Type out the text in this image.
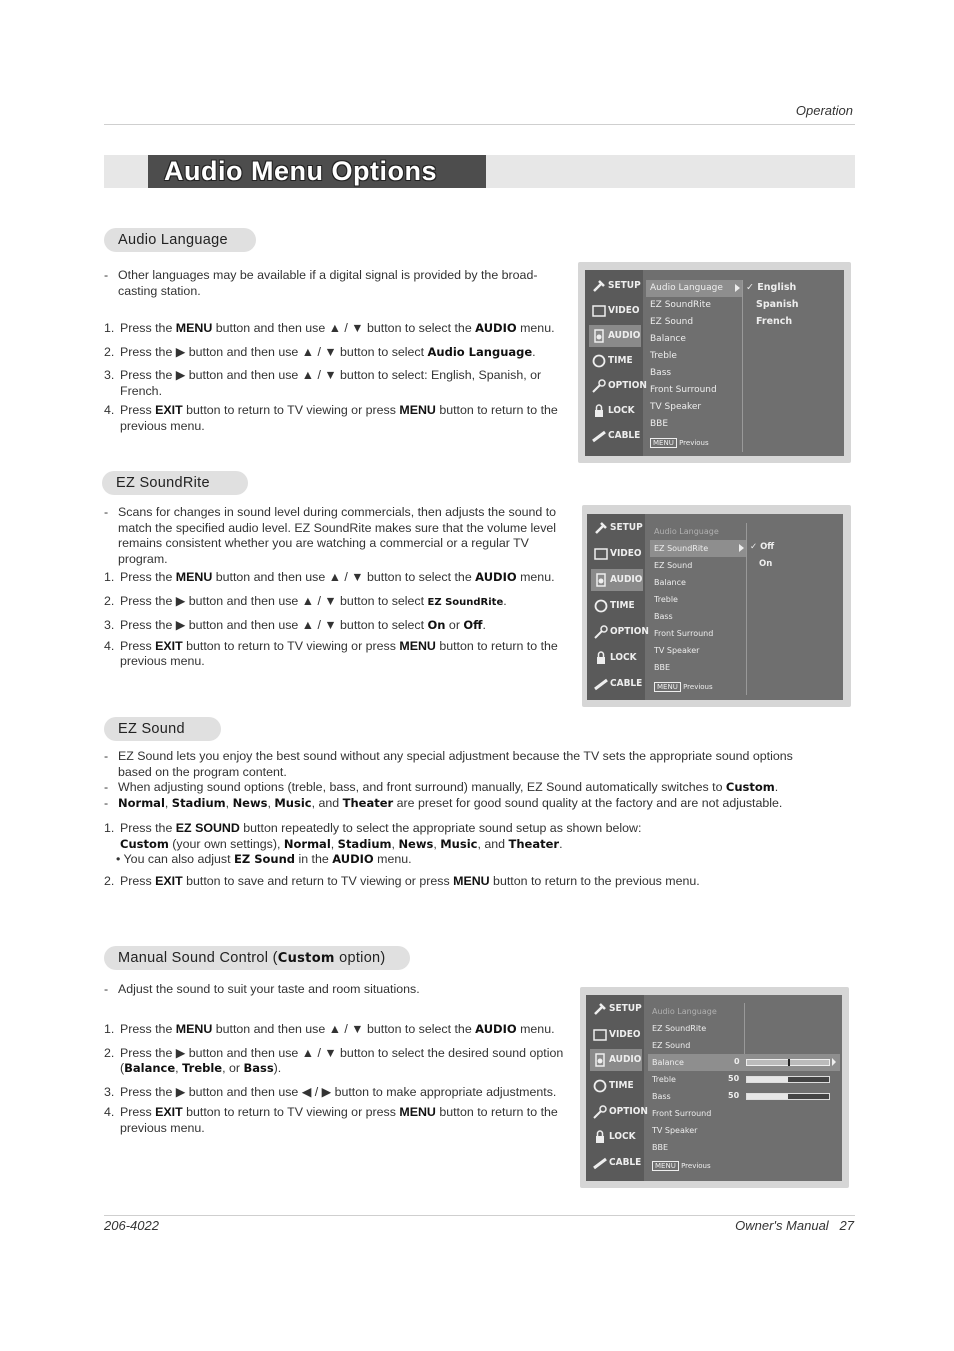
Operation
Audio Menu Options
Audio Language
- Other languages may be available if a digital signal is provided by the broad-casting station.
1. Press the MENU button and then use ▲ / ▼ button to select the AUDIO menu.
2. Press the ▶ button and then use ▲ / ▼ button to select Audio Language.
3. Press the ▶ button and then use ▲ / ▼ button to select: English, Spanish, or French.
4. Press EXIT button to return to TV viewing or press MENU button to return to the previous menu.
SETUP
VIDEO
AUDIO
TIME
OPTION
LOCK
CABLE
Audio Language
EZ SoundRite
EZ Sound
Balance
Treble
Bass
Front Surround
TV Speaker
BBE
MENU Previous
✓ English
Spanish
French
EZ SoundRite
- Scans for changes in sound level during commercials, then adjusts the sound to match the specified audio level. EZ SoundRite makes sure that the volume level remains consistent whether you are watching a commercial or a regular TV program.
1. Press the MENU button and then use ▲ / ▼ button to select the AUDIO menu.
2. Press the ▶ button and then use ▲ / ▼ button to select EZ SoundRite.
3. Press the ▶ button and then use ▲ / ▼ button to select On or Off.
4. Press EXIT button to return to TV viewing or press MENU button to return to the previous menu.
SETUP
VIDEO
AUDIO
TIME
OPTION
LOCK
CABLE
Audio Language
EZ SoundRite
EZ Sound
Balance
Treble
Bass
Front Surround
TV Speaker
BBE
MENU Previous
✓ Off
On
EZ Sound
- EZ Sound lets you enjoy the best sound without any special adjustment because the TV sets the appropriate sound options based on the program content.
- When adjusting sound options (treble, bass, and front surround) manually, EZ Sound automatically switches to Custom.
- Normal, Stadium, News, Music, and Theater are preset for good sound quality at the factory and are not adjustable.
1. Press the EZ SOUND button repeatedly to select the appropriate sound setup as shown below:
Custom (your own settings), Normal, Stadium, News, Music, and Theater.
• You can also adjust EZ Sound in the AUDIO menu.
2. Press EXIT button to save and return to TV viewing or press MENU button to return to the previous menu.
Manual Sound Control (Custom option)
- Adjust the sound to suit your taste and room situations.
1. Press the MENU button and then use ▲ / ▼ button to select the AUDIO menu.
2. Press the ▶ button and then use ▲ / ▼ button to select the desired sound option (Balance, Treble, or Bass).
3. Press the ▶ button and then use ◀ / ▶ button to make appropriate adjustments.
4. Press EXIT button to return to TV viewing or press MENU button to return to the previous menu.
SETUP
VIDEO
AUDIO
TIME
OPTION
LOCK
CABLE
Audio Language
EZ SoundRite
EZ Sound
Balance
Treble
Bass
Front Surround
TV Speaker
BBE
MENU Previous
0
50
50
206-4022	Owner's Manual   27
